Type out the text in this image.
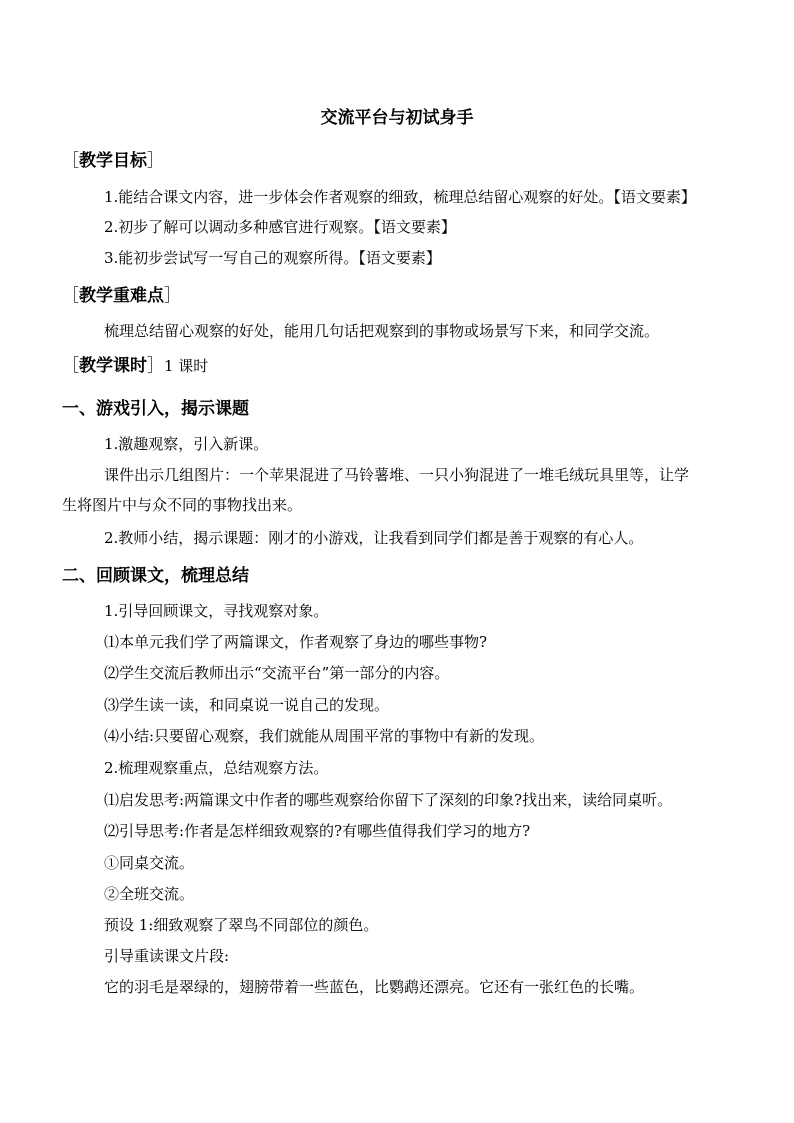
交流平台与初试身手
［教学目标］
1.能结合课文内容，进一步体会作者观察的细致，梳理总结留心观察的好处。【语文要素】
2.初步了解可以调动多种感官进行观察。【语文要素】
3.能初步尝试写一写自己的观察所得。【语文要素】
［教学重难点］
梳理总结留心观察的好处，能用几句话把观察到的事物或场景写下来，和同学交流。
［教学课时］1 课时
一、游戏引入，揭示课题
1.激趣观察，引入新课。
课件出示几组图片：一个苹果混进了马铃薯堆、一只小狗混进了一堆毛绒玩具里等，让学
生将图片中与众不同的事物找出来。
2.教师小结，揭示课题：刚才的小游戏，让我看到同学们都是善于观察的有心人。
二、回顾课文，梳理总结
1.引导回顾课文，寻找观察对象。
⑴本单元我们学了两篇课文，作者观察了身边的哪些事物?
⑵学生交流后教师出示“交流平台”第一部分的内容。
⑶学生读一读，和同桌说一说自己的发现。
⑷小结:只要留心观察，我们就能从周围平常的事物中有新的发现。
2.梳理观察重点，总结观察方法。
⑴启发思考:两篇课文中作者的哪些观察给你留下了深刻的印象?找出来，读给同桌听。
⑵引导思考:作者是怎样细致观察的?有哪些值得我们学习的地方?
①同桌交流。
②全班交流。
预设 1:细致观察了翠鸟不同部位的颜色。
引导重读课文片段:
它的羽毛是翠绿的，翅膀带着一些蓝色，比鹦鹉还漂亮。它还有一张红色的长嘴。
